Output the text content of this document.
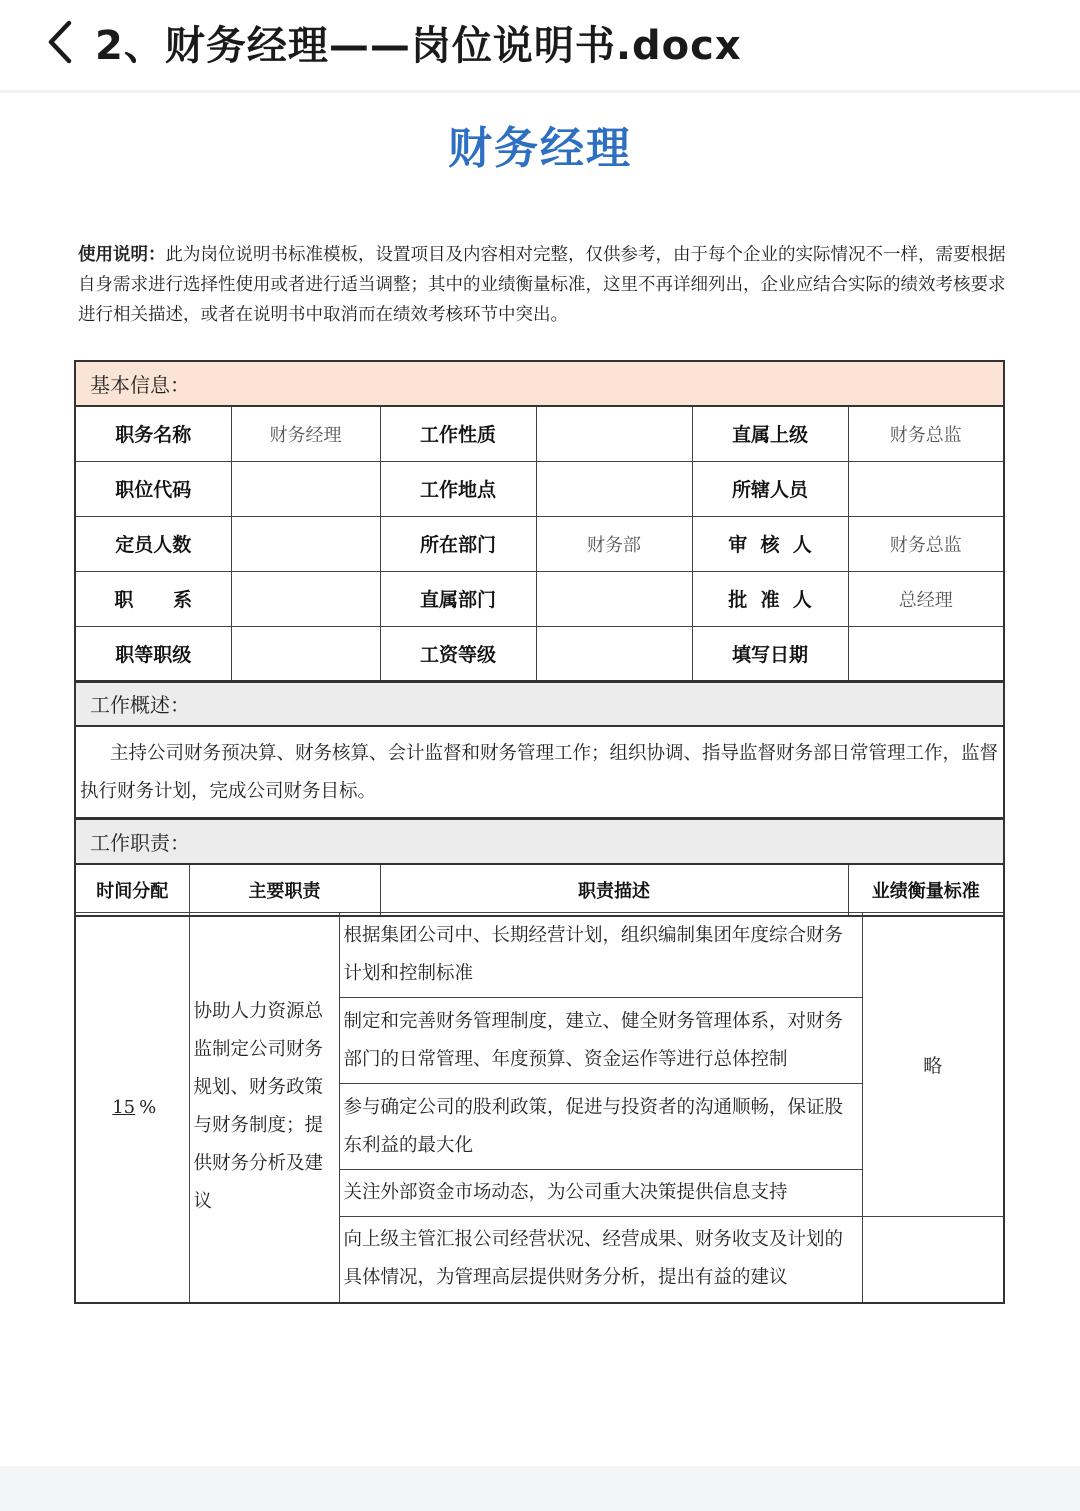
2、财务经理——岗位说明书.docx
财务经理
使用说明：此为岗位说明书标准模板，设置项目及内容相对完整，仅供参考，由于每个企业的实际情况不一样，需要根据自身需求进行选择性使用或者进行适当调整；其中的业绩衡量标准，这里不再详细列出，企业应结合实际的绩效考核要求进行相关描述，或者在说明书中取消而在绩效考核环节中突出。
基本信息：						
职务名称		财务经理	工作性质		直属上级	财务总监
职位代码			工作地点		所辖人员	
定员人数			所在部门	财务部	审  核  人	财务总监
职      系			直属部门		批  准  人	总经理
职等职级			工资等级		填写日期	
工作概述：						
主持公司财务预决算、财务核算、会计监督和财务管理工作；组织协调、指导监督财务部日常管理工作，监督执行财务计划，完成公司财务目标。						
工作职责：						
时间分配	主要职责		职责描述			业绩衡量标准
15 %	协助人力资源总监制定公司财务规划、财务政策与财务制度；提供财务分析及建议	根据集团公司中、长期经营计划，组织编制集团年度综合财务计划和控制标准	略
		制定和完善财务管理制度，建立、健全财务管理体系，对财务部门的日常管理、年度预算、资金运作等进行总体控制	
		参与确定公司的股利政策，促进与投资者的沟通顺畅，保证股东利益的最大化	
		关注外部资金市场动态，为公司重大决策提供信息支持	
		向上级主管汇报公司经营状况、经营成果、财务收支及计划的具体情况，为管理高层提供财务分析，提出有益的建议	
